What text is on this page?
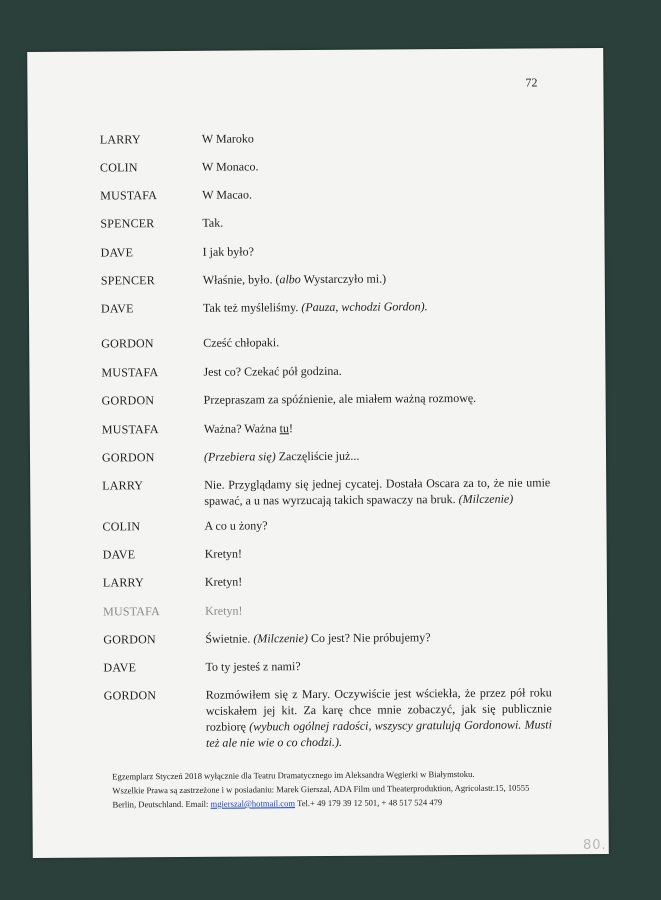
72
LARRY	W Maroko
COLIN	W Monaco.
MUSTAFA	W Macao.
SPENCER	Tak.
DAVE	I jak było?
SPENCER	Właśnie, było. (albo Wystarczyło mi.)
DAVE	Tak też myśleliśmy. (Pauza, wchodzi Gordon).
GORDON	Cześć chłopaki.
MUSTAFA	Jest co? Czekać pół godzina.
GORDON	Przepraszam za spóźnienie, ale miałem ważną rozmowę.
MUSTAFA	Ważna? Ważna tu!
GORDON	(Przebiera się) Zaczęliście już...
LARRY	Nie. Przyglądamy się jednej cycatej. Dostała Oscara za to, że nie umie spawać, a u nas wyrzucają takich spawaczy na bruk. (Milczenie)
COLIN	A co u żony?
DAVE	Kretyn!
LARRY	Kretyn!
MUSTAFA	Kretyn!
GORDON	Świetnie. (Milczenie) Co jest? Nie próbujemy?
DAVE	To ty jesteś z nami?
GORDON	Rozmówiłem się z Mary. Oczywiście jest wściekła, że przez pół roku wciskałem jej kit. Za karę chce mnie zobaczyć, jak się publicznie rozbiorę (wybuch ogólnej radości, wszyscy gratulują Gordonowi. Musti też ale nie wie o co chodzi.).
Egzemplarz Styczeń 2018 wyłącznie dla Teatru Dramatycznego im Aleksandra Węgierki w Białymstoku.
Wszelkie Prawa są zastrzeżone i w posiadaniu: Marek Gierszal, ADA Film und Theaterproduktion, Agricolastr.15, 10555
Berlin, Deutschland. Email: mgierszal@hotmail.com Tel.+ 49 179 39 12 501, + 48 517 524 479
80.
